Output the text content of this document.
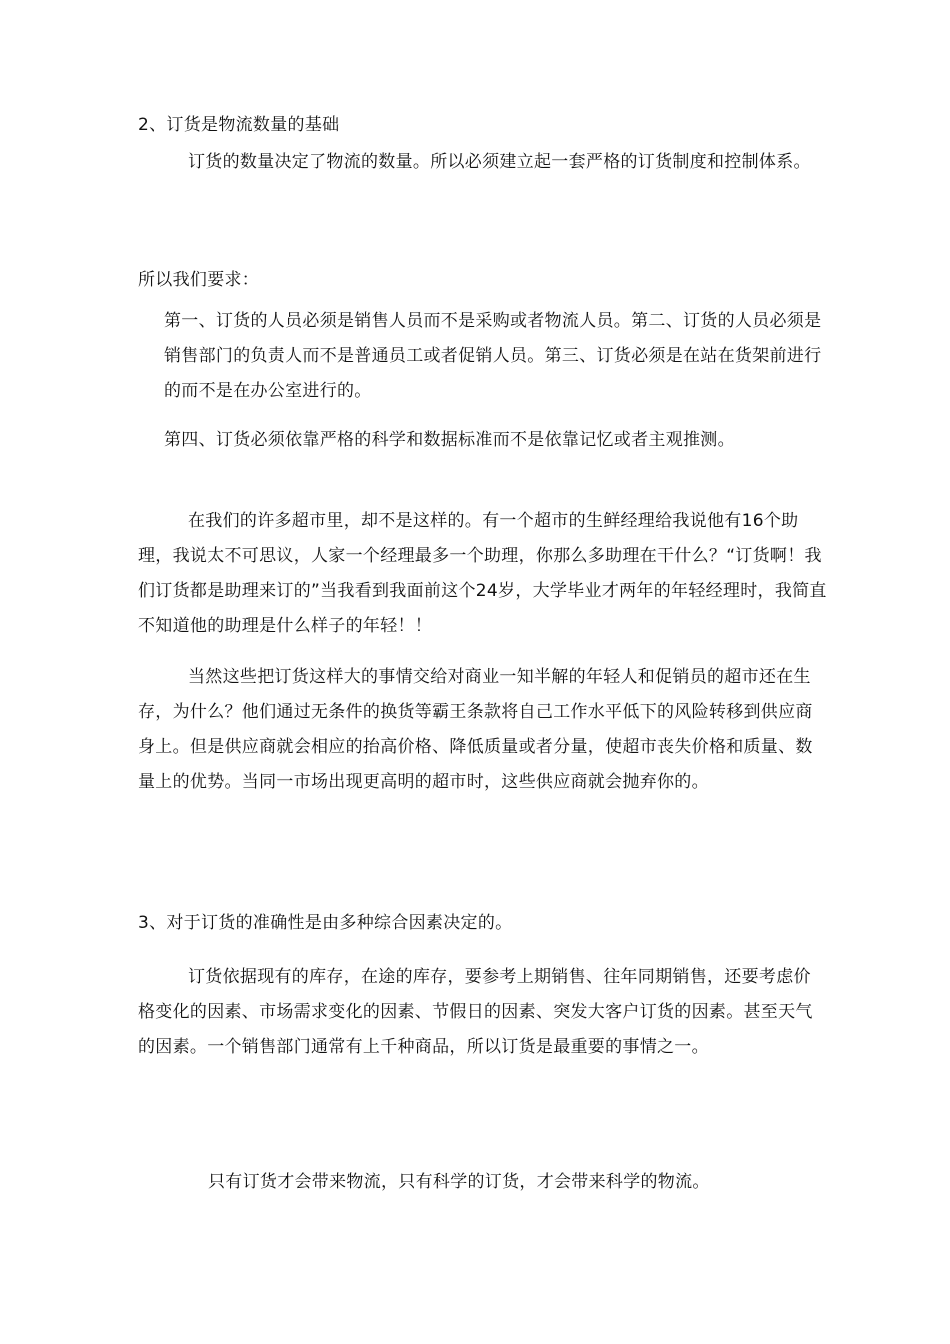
2、订货是物流数量的基础

订货的数量决定了物流的数量。所以必须建立起一套严格的订货制度和控制体系。

所以我们要求：

第一、订货的人员必须是销售人员而不是采购或者物流人员。第二、订货的人员必须是销售部门的负责人而不是普通员工或者促销人员。第三、订货必须是在站在货架前进行的而不是在办公室进行的。

第四、订货必须依靠严格的科学和数据标准而不是依靠记忆或者主观推测。

在我们的许多超市里，却不是这样的。有一个超市的生鲜经理给我说他有16个助理，我说太不可思议，人家一个经理最多一个助理，你那么多助理在干什么？“订货啊！我们订货都是助理来订的”当我看到我面前这个24岁，大学毕业才两年的年轻经理时，我简直不知道他的助理是什么样子的年轻！！

当然这些把订货这样大的事情交给对商业一知半解的年轻人和促销员的超市还在生存，为什么？他们通过无条件的换货等霸王条款将自己工作水平低下的风险转移到供应商身上。但是供应商就会相应的抬高价格、降低质量或者分量，使超市丧失价格和质量、数量上的优势。当同一市场出现更高明的超市时，这些供应商就会抛弃你的。

3、对于订货的准确性是由多种综合因素决定的。

订货依据现有的库存，在途的库存，要参考上期销售、往年同期销售，还要考虑价格变化的因素、市场需求变化的因素、节假日的因素、突发大客户订货的因素。甚至天气的因素。一个销售部门通常有上千种商品，所以订货是最重要的事情之一。

只有订货才会带来物流，只有科学的订货，才会带来科学的物流。
